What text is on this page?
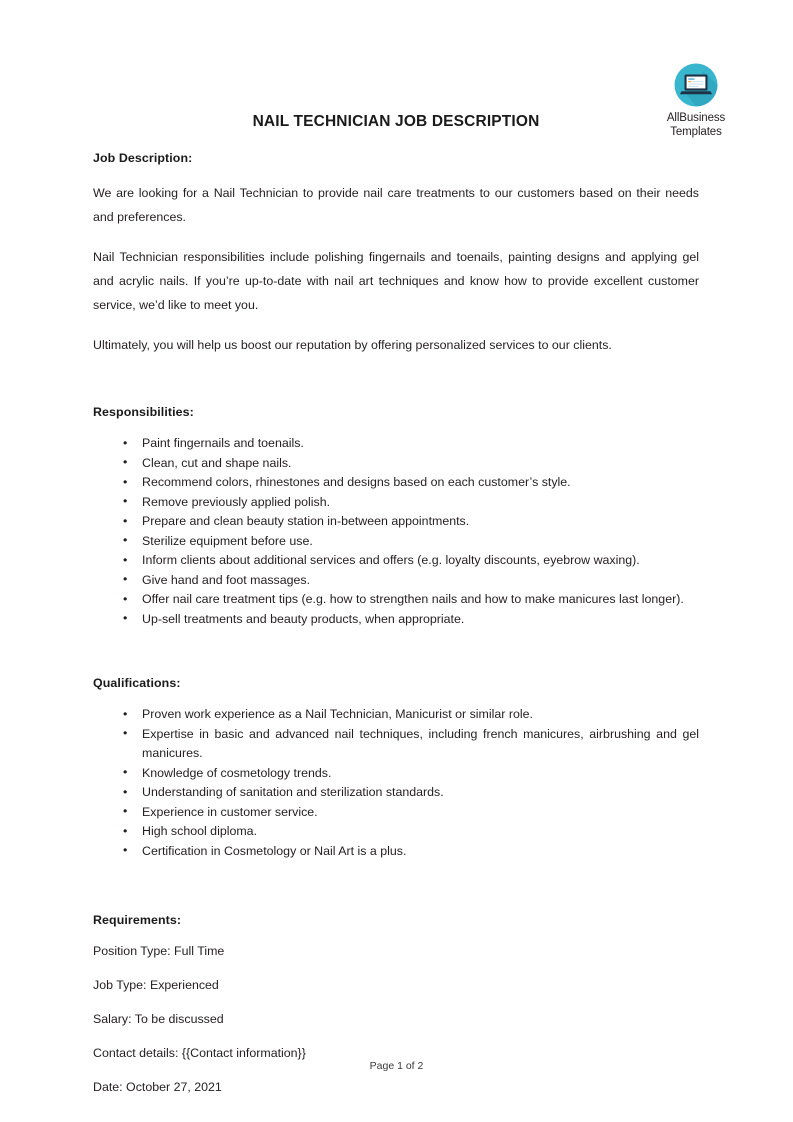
AllBusiness
Templates
NAIL TECHNICIAN JOB DESCRIPTION
Job Description:

We are looking for a Nail Technician to provide nail care treatments to our customers based on their needs and preferences.

Nail Technician responsibilities include polishing fingernails and toenails, painting designs and applying gel and acrylic nails. If you’re up-to-date with nail art techniques and know how to provide excellent customer service, we’d like to meet you.

Ultimately, you will help us boost our reputation by offering personalized services to our clients.

Responsibilities:
• Paint fingernails and toenails.
• Clean, cut and shape nails.
• Recommend colors, rhinestones and designs based on each customer’s style.
• Remove previously applied polish.
• Prepare and clean beauty station in-between appointments.
• Sterilize equipment before use.
• Inform clients about additional services and offers (e.g. loyalty discounts, eyebrow waxing).
• Give hand and foot massages.
• Offer nail care treatment tips (e.g. how to strengthen nails and how to make manicures last longer).
• Up-sell treatments and beauty products, when appropriate.
Qualifications:
• Proven work experience as a Nail Technician, Manicurist or similar role.
• Expertise in basic and advanced nail techniques, including french manicures, airbrushing and gel manicures.
• Knowledge of cosmetology trends.
• Understanding of sanitation and sterilization standards.
• Experience in customer service.
• High school diploma.
• Certification in Cosmetology or Nail Art is a plus.
Requirements:

Position Type: Full Time

Job Type: Experienced

Salary: To be discussed

Contact details: {{Contact information}}

Date: October 27, 2021

Page 1 of 2
